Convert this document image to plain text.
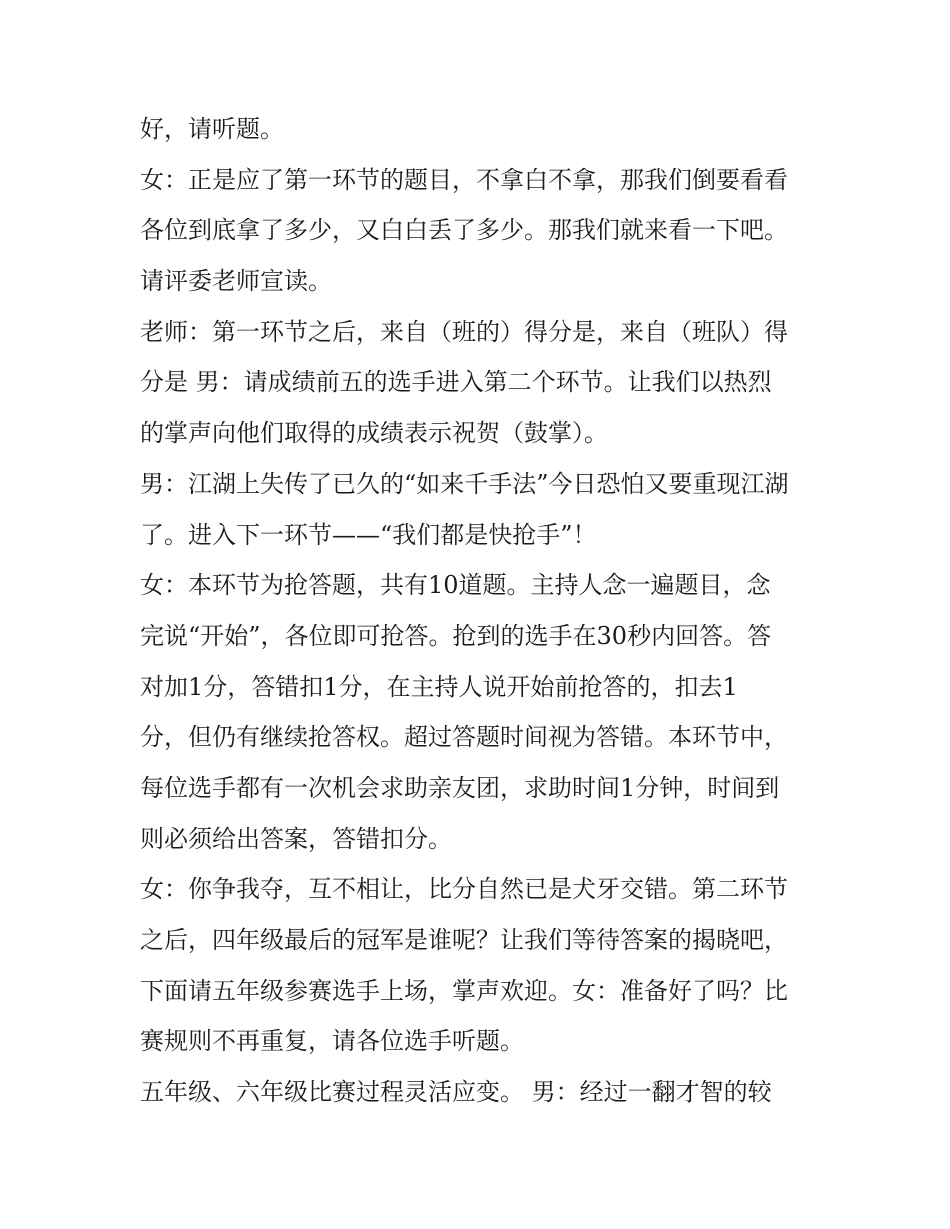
好，请听题。
女：正是应了第一环节的题目，不拿白不拿，那我们倒要看看
各位到底拿了多少，又白白丢了多少。那我们就来看一下吧。
请评委老师宣读。
老师：第一环节之后，来自（班的）得分是，来自（班队）得
分是 男：请成绩前五的选手进入第二个环节。让我们以热烈
的掌声向他们取得的成绩表示祝贺（鼓掌）。
男：江湖上失传了已久的“如来千手法”今日恐怕又要重现江湖
了。进入下一环节——“我们都是快抢手”！
女：本环节为抢答题，共有10道题。主持人念一遍题目，念
完说“开始”，各位即可抢答。抢到的选手在30秒内回答。答
对加1分，答错扣1分，在主持人说开始前抢答的，扣去1
分，但仍有继续抢答权。超过答题时间视为答错。本环节中，
每位选手都有一次机会求助亲友团，求助时间1分钟，时间到
则必须给出答案，答错扣分。
女：你争我夺，互不相让，比分自然已是犬牙交错。第二环节
之后，四年级最后的冠军是谁呢？让我们等待答案的揭晓吧，
下面请五年级参赛选手上场，掌声欢迎。女：准备好了吗？比
赛规则不再重复，请各位选手听题。
五年级、六年级比赛过程灵活应变。 男：经过一翻才智的较
